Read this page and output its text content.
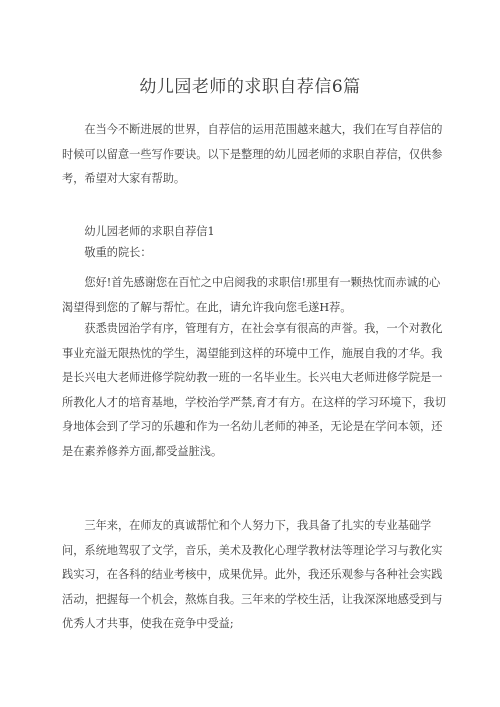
幼儿园老师的求职自荐信6篇

在当今不断进展的世界，自荐信的运用范围越来越大，我们在写自荐信的时候可以留意一些写作要诀。以下是整理的幼儿园老师的求职自荐信，仅供参考，希望对大家有帮助。

幼儿园老师的求职自荐信1

敬重的院长：

您好!首先感谢您在百忙之中启阅我的求职信!那里有一颗热忱而赤诚的心渴望得到您的了解与帮忙。在此，请允许我向您毛遂H荐。

获悉贵园治学有序，管理有方，在社会享有很高的声誉。我，一个对教化事业充溢无限热忱的学生，渴望能到这样的环境中工作，施展自我的才华。我是长兴电大老师进修学院幼教一班的一名毕业生。长兴电大老师进修学院是一所教化人才的培育基地，学校治学严禁,育才有方。在这样的学习环境下，我切身地体会到了学习的乐趣和作为一名幼儿老师的神圣，无论是在学问本领，还是在素养修养方面,都受益脏浅。

三年来，在师友的真诚帮忙和个人努力下，我具备了扎实的专业基础学问，系统地驾驭了文学，音乐，美术及教化心理学教材法等理论学习与教化实践实习，在各科的结业考核中，成果优异。此外，我还乐观参与各种社会实践活动，把握每一个机会，熬炼自我。三年来的学校生活，让我深深地感受到与优秀人才共事，使我在竞争中受益;
